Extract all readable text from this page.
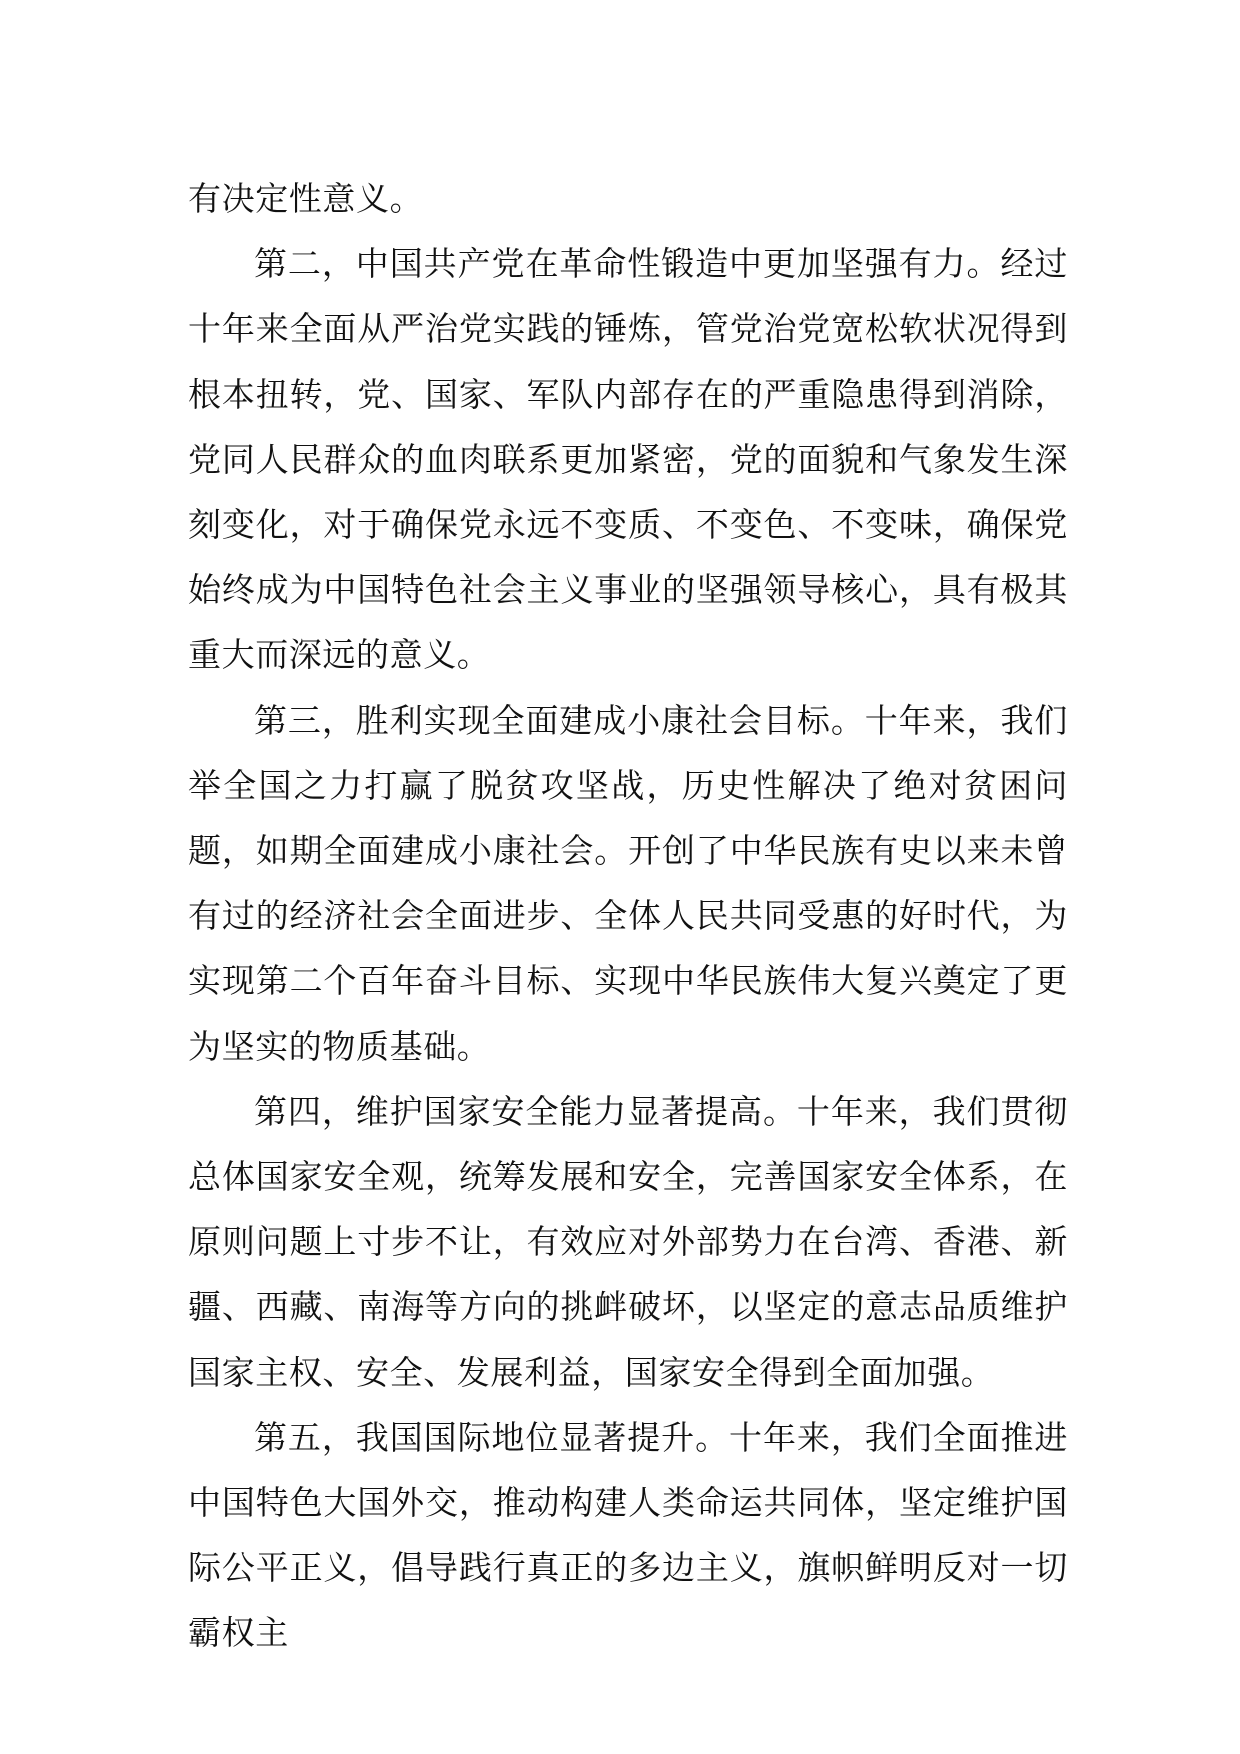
有决定性意义。

第二，中国共产党在革命性锻造中更加坚强有力。经过十年来全面从严治党实践的锤炼，管党治党宽松软状况得到根本扭转，党、国家、军队内部存在的严重隐患得到消除，党同人民群众的血肉联系更加紧密，党的面貌和气象发生深刻变化，对于确保党永远不变质、不变色、不变味，确保党始终成为中国特色社会主义事业的坚强领导核心，具有极其重大而深远的意义。

第三，胜利实现全面建成小康社会目标。十年来，我们举全国之力打赢了脱贫攻坚战，历史性解决了绝对贫困问题，如期全面建成小康社会。开创了中华民族有史以来未曾有过的经济社会全面进步、全体人民共同受惠的好时代，为实现第二个百年奋斗目标、实现中华民族伟大复兴奠定了更为坚实的物质基础。

第四，维护国家安全能力显著提高。十年来，我们贯彻总体国家安全观，统筹发展和安全，完善国家安全体系，在原则问题上寸步不让，有效应对外部势力在台湾、香港、新疆、西藏、南海等方向的挑衅破坏，以坚定的意志品质维护国家主权、安全、发展利益，国家安全得到全面加强。

第五，我国国际地位显著提升。十年来，我们全面推进中国特色大国外交，推动构建人类命运共同体，坚定维护国际公平正义，倡导践行真正的多边主义，旗帜鲜明反对一切霸权主
